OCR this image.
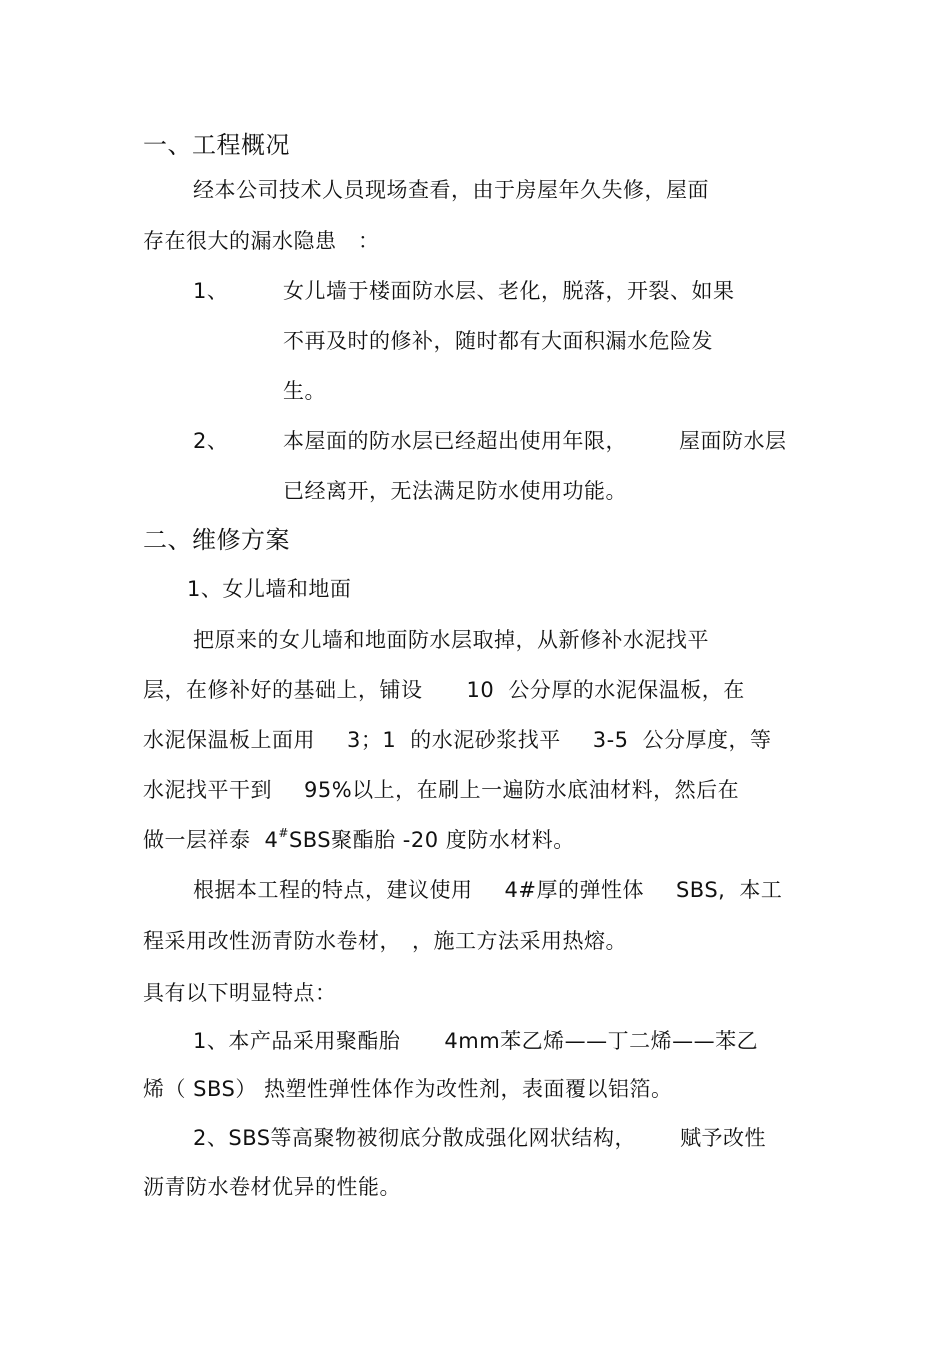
一、工程概况
经本公司技术人员现场查看，由于房屋年久失修，屋面
存在很大的漏水隐患　：
1、	女儿墙于楼面防水层、老化，脱落，开裂、如果
不再及时的修补，随时都有大面积漏水危险发
生。
2、	本屋面的防水层已经超出使用年限， 屋面防水层
已经离开，无法满足防水使用功能。
二、维修方案
1、女儿墙和地面
把原来的女儿墙和地面防水层取掉，从新修补水泥找平
层，在修补好的基础上，铺设 10 公分厚的水泥保温板，在
水泥保温板上面用 3；1 的水泥砂浆找平 3-5 公分厚度，等
水泥找平干到 95%以上，在刷上一遍防水底油材料，然后在
做一层祥泰 4#SBS聚酯胎 -20 度防水材料。
根据本工程的特点，建议使用 4#厚的弹性体 SBS, 本工
程采用改性沥青防水卷材，　，施工方法采用热熔。
具有以下明显特点：
1、本产品采用聚酯胎 4mm苯乙烯——丁二烯——苯乙
烯（ SBS） 热塑性弹性体作为改性剂，表面覆以铝箔。
2、SBS等高聚物被彻底分散成强化网状结构， 赋予改性
沥青防水卷材优异的性能。
